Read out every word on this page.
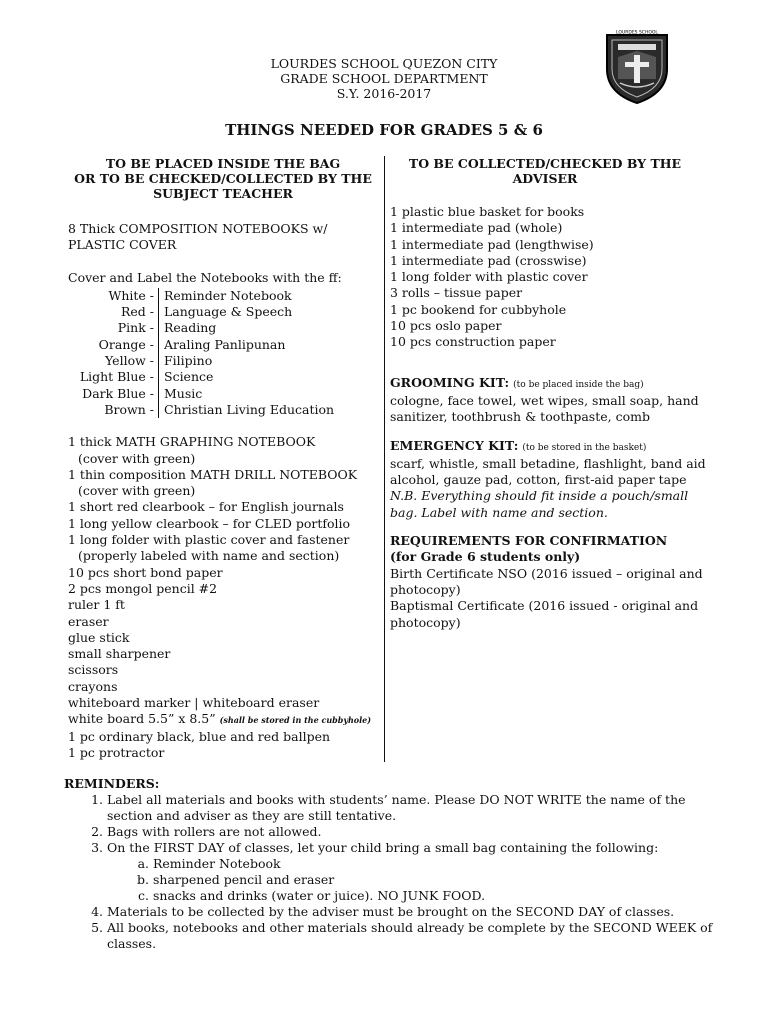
LOURDES SCHOOL QUEZON CITY
GRADE SCHOOL DEPARTMENT
S.Y. 2016-2017
LOURDES SCHOOL
THINGS NEEDED FOR GRADES 5 & 6
TO BE PLACED INSIDE THE BAG
OR TO BE CHECKED/COLLECTED BY THE
SUBJECT TEACHER
8 Thick COMPOSITION NOTEBOOKS w/
PLASTIC COVER
Cover and Label the Notebooks with the ff:
White -	Reminder Notebook
Red -	Language & Speech
Pink -	Reading
Orange -	Araling Panlipunan
Yellow -	Filipino
Light Blue -	Science
Dark Blue -	Music
Brown -	Christian Living Education
1 thick MATH GRAPHING NOTEBOOK
(cover with green)
1 thin composition MATH DRILL NOTEBOOK
(cover with green)
1 short red clearbook – for English journals
1 long yellow clearbook – for CLED portfolio
1 long folder with plastic cover and fastener
(properly labeled with name and section)
10 pcs short bond paper
2 pcs mongol pencil #2
ruler 1 ft
eraser
glue stick
small sharpener
scissors
crayons
whiteboard marker | whiteboard eraser
white board 5.5” x 8.5” (shall be stored in the cubbyhole)
1 pc ordinary black, blue and red ballpen
1 pc protractor
TO BE COLLECTED/CHECKED BY THE
ADVISER
1 plastic blue basket for books
1 intermediate pad (whole)
1 intermediate pad (lengthwise)
1 intermediate pad (crosswise)
1 long folder with plastic cover
3 rolls – tissue paper
1 pc bookend for cubbyhole
10 pcs oslo paper
10 pcs construction paper
GROOMING KIT: (to be placed inside the bag)
cologne, face towel, wet wipes, small soap, hand
sanitizer, toothbrush & toothpaste, comb
EMERGENCY KIT: (to be stored in the basket)
scarf, whistle, small betadine, flashlight, band aid
alcohol, gauze pad, cotton, first-aid paper tape
N.B. Everything should fit inside a pouch/small
bag. Label with name and section.
REQUIREMENTS FOR CONFIRMATION
(for Grade 6 students only)
Birth Certificate NSO (2016 issued – original and
photocopy)
Baptismal Certificate (2016 issued - original and
photocopy)
REMINDERS:
1. Label all materials and books with students’ name. Please DO NOT WRITE the name of the section and adviser as they are still tentative.
2. Bags with rollers are not allowed.
3. On the FIRST DAY of classes, let your child bring a small bag containing the following:
a. Reminder Notebook
b. sharpened pencil and eraser
c. snacks and drinks (water or juice). NO JUNK FOOD.
4. Materials to be collected by the adviser must be brought on the SECOND DAY of classes.
5. All books, notebooks and other materials should already be complete by the SECOND WEEK of classes.
